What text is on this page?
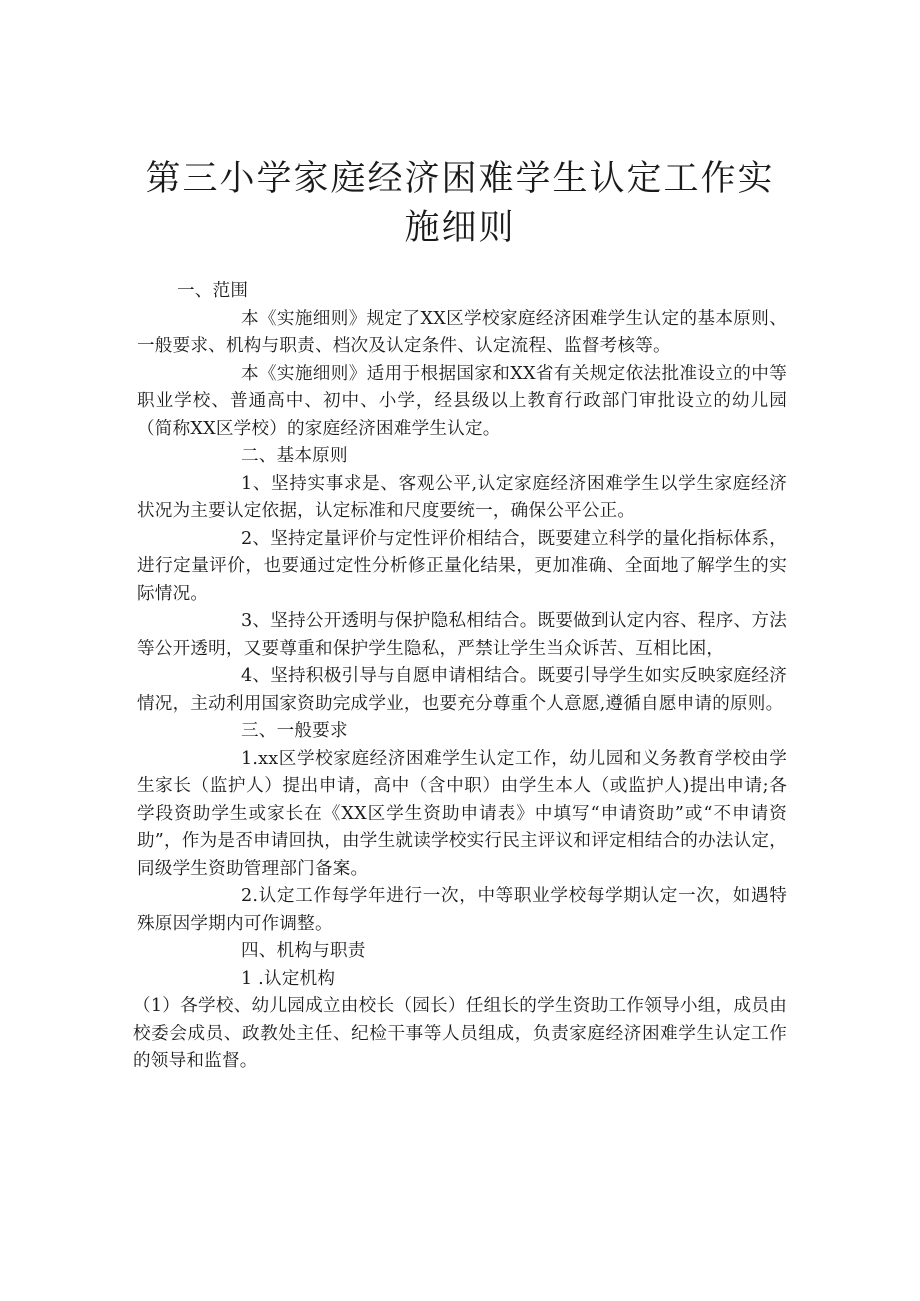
第三小学家庭经济困难学生认定工作实施细则

一、范围

本《实施细则》规定了XX区学校家庭经济困难学生认定的基本原则、一般要求、机构与职责、档次及认定条件、认定流程、监督考核等。

本《实施细则》适用于根据国家和XX省有关规定依法批准设立的中等职业学校、普通高中、初中、小学，经县级以上教育行政部门审批设立的幼儿园（简称XX区学校）的家庭经济困难学生认定。

二、基本原则

1、坚持实事求是、客观公平,认定家庭经济困难学生以学生家庭经济状况为主要认定依据，认定标准和尺度要统一，确保公平公正。

2、坚持定量评价与定性评价相结合，既要建立科学的量化指标体系，进行定量评价，也要通过定性分析修正量化结果，更加准确、全面地了解学生的实际情况。

3、坚持公开透明与保护隐私相结合。既要做到认定内容、程序、方法等公开透明，又要尊重和保护学生隐私，严禁让学生当众诉苦、互相比困，

4、坚持积极引导与自愿申请相结合。既要引导学生如实反映家庭经济情况，主动利用国家资助完成学业，也要充分尊重个人意愿,遵循自愿申请的原则。

三、一般要求

1.xx区学校家庭经济困难学生认定工作，幼儿园和义务教育学校由学生家长（监护人）提出申请，高中（含中职）由学生本人（或监护人)提出申请;各学段资助学生或家长在《XX区学生资助申请表》中填写“申请资助”或“不申请资助”，作为是否申请回执，由学生就读学校实行民主评议和评定相结合的办法认定，同级学生资助管理部门备案。

2.认定工作每学年进行一次，中等职业学校每学期认定一次，如遇特殊原因学期内可作调整。

四、机构与职责

1 .认定机构

（1）各学校、幼儿园成立由校长（园长）任组长的学生资助工作领导小组，成员由校委会成员、政教处主任、纪检干事等人员组成，负责家庭经济困难学生认定工作的领导和监督。
